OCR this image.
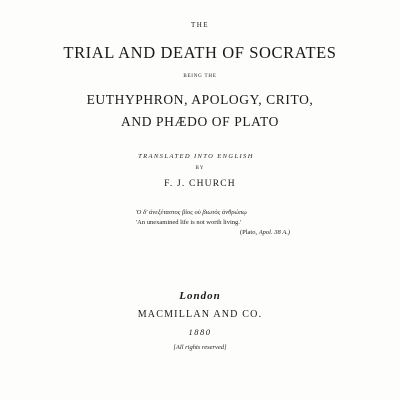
THE
TRIAL AND DEATH OF SOCRATES
BEING THE
EUTHYPHRON, APOLOGY, CRITO,
AND PHÆDO OF PLATO
TRANSLATED INTO ENGLISH
BY
F. J. CHURCH
Ὁ δ' ἀνεξέταστος βίος οὐ βιωτὸς ἀνθρώπῳ
'An unexamined life is not worth living.'
(Plato, Apol. 38 A.)
London
MACMILLAN AND CO.
1880
[All rights reserved]
